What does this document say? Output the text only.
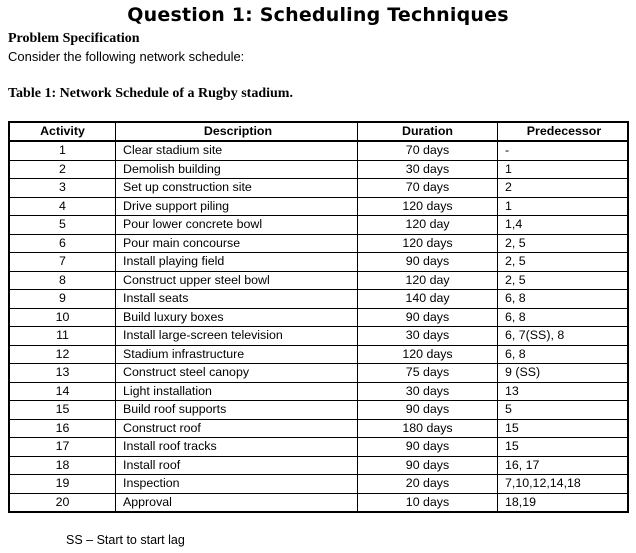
Question 1: Scheduling Techniques

Problem Specification

Consider the following network schedule:

Table 1: Network Schedule of a Rugby stadium.

Activity	Description	Duration	Predecessor
1	Clear stadium site	70 days	-
2	Demolish building	30 days	1
3	Set up construction site	70 days	2
4	Drive support piling	120 days	1
5	Pour lower concrete bowl	120 day	1,4
6	Pour main concourse	120 days	2, 5
7	Install playing field	90 days	2, 5
8	Construct upper steel bowl	120 day	2, 5
9	Install seats	140 day	6, 8
10	Build luxury boxes	90 days	6, 8
11	Install large-screen television	30 days	6, 7(SS), 8
12	Stadium infrastructure	120 days	6, 8
13	Construct steel canopy	75 days	9 (SS)
14	Light installation	30 days	13
15	Build roof supports	90 days	5
16	Construct roof	180 days	15
17	Install roof tracks	90 days	15
18	Install roof	90 days	16, 17
19	Inspection	20 days	7,10,12,14,18
20	Approval	10 days	18,19

SS – Start to start lag
